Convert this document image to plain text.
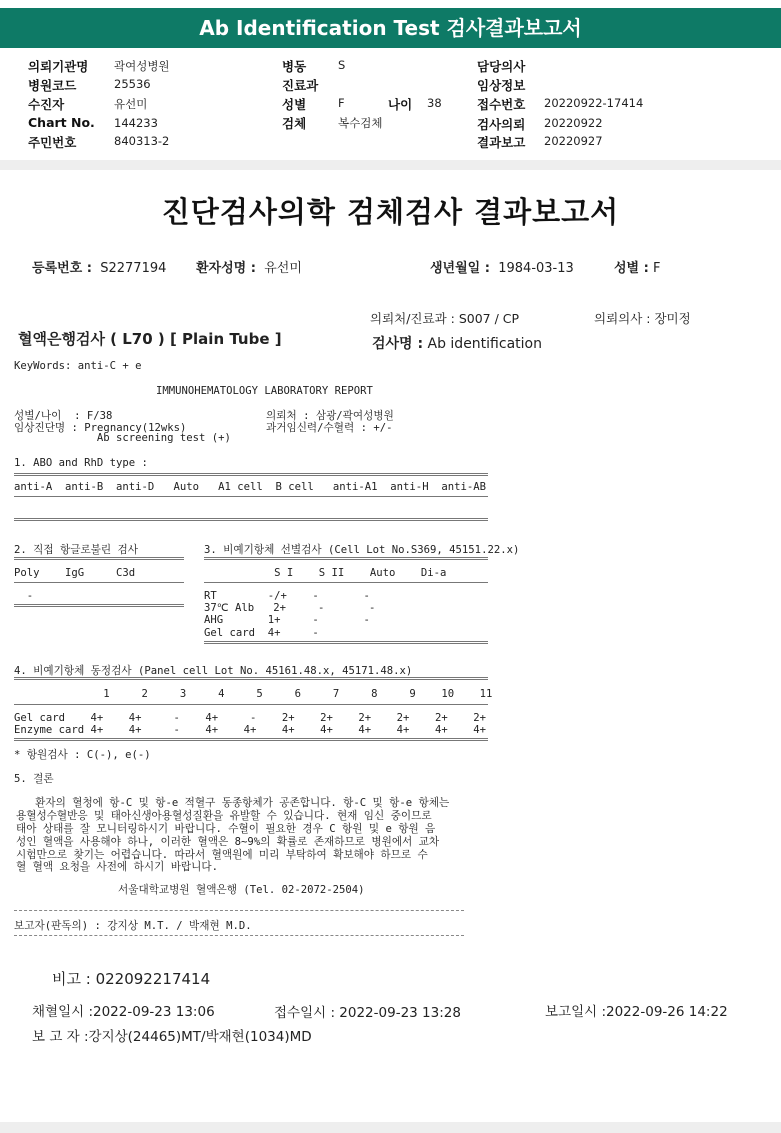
Ab Identification Test 검사결과보고서
의뢰기관명 곽여성병원
병원코드	25536
수진자	유선미
Chart No. 144233
주민번호	840313-2
병동	S
진료과
성별	F	나이 38
검체	복수검체
담당의사
임상정보
접수번호 20220922-17414
검사의뢰 20220922
결과보고 20220927
진단검사의학 검체검사 결과보고서
등록번호 : S2277194 환자성명 : 유선미	생년월일 : 1984-03-13	성별 : F
의뢰처/진료과 : S007 / CP	의뢰의사 : 장미정
혈액은행검사 ( L70 ) [ Plain Tube ]	검사명 : Ab identification
KeyWords: anti-C + e
IMMUNOHEMATOLOGY LABORATORY REPORT
성별/나이  : F/38
임상진단명 : Pregnancy(12wks)
Ab screening test (+)
의뢰처 : 삼광/곽여성병원
과거임신력/수혈력 : +/-
1. ABO and RhD type :
anti-A  anti-B  anti-D   Auto   A1 cell  B cell   anti-A1  anti-H  anti-AB
2. 직접 항글로불린 검사
Poly    IgG     C3d
-
3. 비예기항체 선별검사 (Cell Lot No.S369, 45151.22.x)
S I    S II    Auto    Di-a
RT        -/+    -       -
37℃ Alb   2+     -       -
AHG       1+     -       -
Gel card  4+     -
4. 비예기항체 동정검사 (Panel cell Lot No. 45161.48.x, 45171.48.x)
1     2     3     4     5     6     7     8     9    10    11
Gel card    4+    4+     -    4+     -    2+    2+    2+    2+    2+    2+
Enzyme card 4+    4+     -    4+    4+    4+    4+    4+    4+    4+    4+
* 항원검사 : C(-), e(-)
5. 결론
환자의 혈청에 항-C 및 항-e 적혈구 동종항체가 공존합니다. 항-C 및 항-e 항체는
용혈성수혈반응 및 태아신생아용혈성질환을 유발할 수 있습니다. 현재 임신 중이므로
태아 상태를 잘 모니터링하시기 바랍니다. 수혈이 필요한 경우 C 항원 및 e 항원 음
성인 혈액을 사용해야 하나, 이러한 혈액은 8~9%의 확률로 존재하므로 병원에서 교차
시험만으로 찾기는 어렵습니다. 따라서 혈액원에 미리 부탁하여 확보해야 하므로 수
혈 혈액 요청을 사전에 하시기 바랍니다.
서울대학교병원 혈액은행 (Tel. 02-2072-2504)
보고자(판독의) : 강지상 M.T. / 박재현 M.D.
비고 : 022092217414
채혈일시 :2022-09-23 13:06	접수일시 : 2022-09-23 13:28	보고일시 :2022-09-26 14:22
보 고 자 :강지상(24465)MT/박재현(1034)MD
